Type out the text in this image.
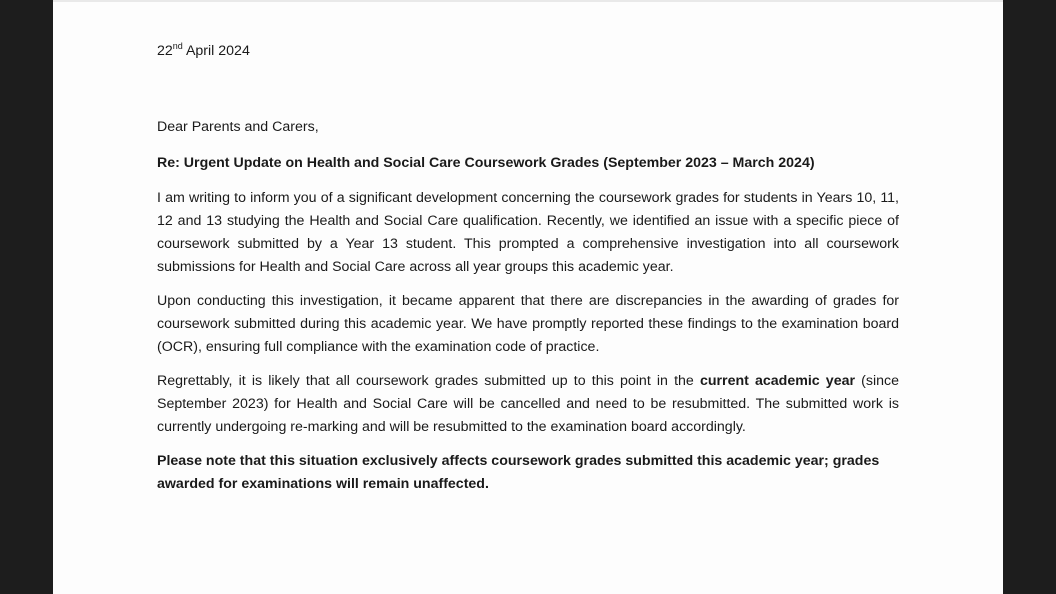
22nd April 2024

Dear Parents and Carers,

Re: Urgent Update on Health and Social Care Coursework Grades (September 2023 – March 2024)

I am writing to inform you of a significant development concerning the coursework grades for students in Years 10, 11, 12 and 13 studying the Health and Social Care qualification. Recently, we identified an issue with a specific piece of coursework submitted by a Year 13 student. This prompted a comprehensive investigation into all coursework submissions for Health and Social Care across all year groups this academic year.

Upon conducting this investigation, it became apparent that there are discrepancies in the awarding of grades for coursework submitted during this academic year. We have promptly reported these findings to the examination board (OCR), ensuring full compliance with the examination code of practice.

Regrettably, it is likely that all coursework grades submitted up to this point in the current academic year (since September 2023) for Health and Social Care will be cancelled and need to be resubmitted. The submitted work is currently undergoing re-marking and will be resubmitted to the examination board accordingly.

Please note that this situation exclusively affects coursework grades submitted this academic year; grades awarded for examinations will remain unaffected.
